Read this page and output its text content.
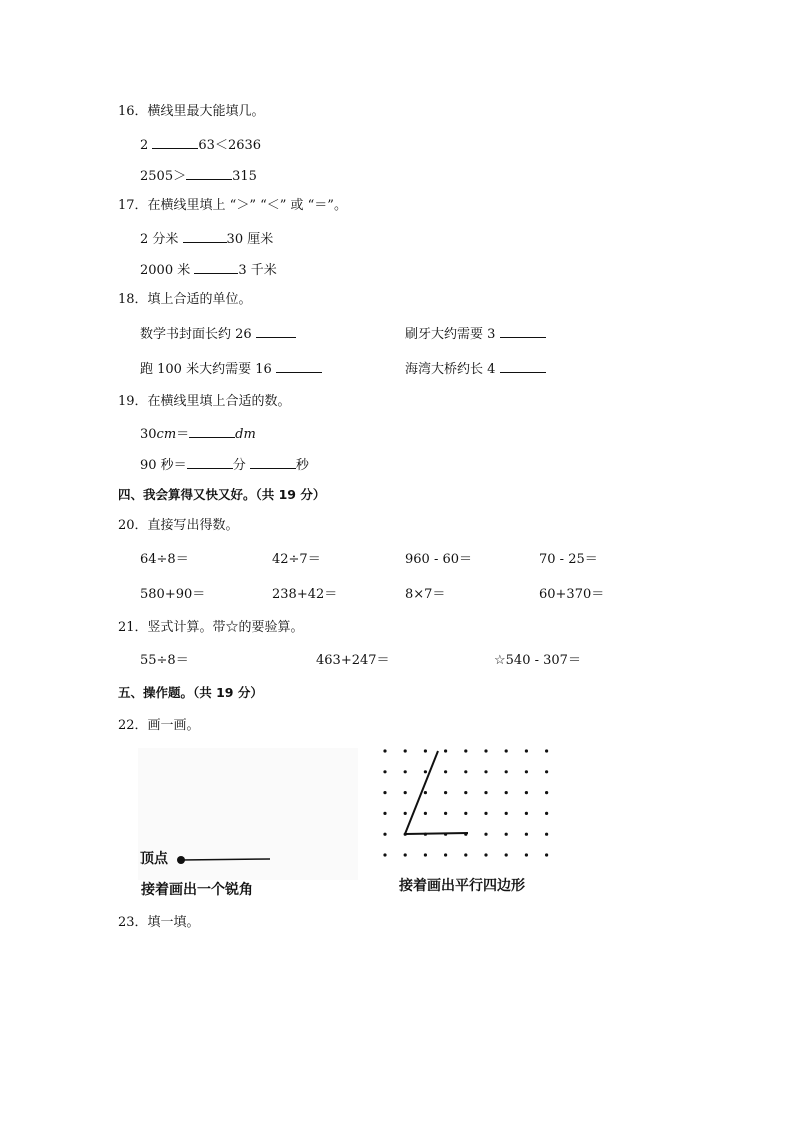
16．横线里最大能填几。
2	63＜2636
2505＞	315
17．在横线里填上 “＞” “＜” 或 “＝”。
2 分米	30 厘米
2000 米	3 千米
18．填上合适的单位。
数学书封面长约 26	刷牙大约需要 3
跑 100 米大约需要 16	海湾大桥约长 4
19．在横线里填上合适的数。
30cm＝	dm
90 秒＝	分	秒
四、我会算得又快又好。（共 19 分）
20．直接写出得数。
64÷8＝	42÷7＝	960 - 60＝	70 - 25＝
580+90＝	238+42＝	8×7＝	60+370＝
21．竖式计算。带☆的要验算。
55÷8＝	463+247＝	☆540 - 307＝
五、操作题。（共 19 分）
22．画一画。
顶点
接着画出一个锐角	接着画出平行四边形
23．填一填。
